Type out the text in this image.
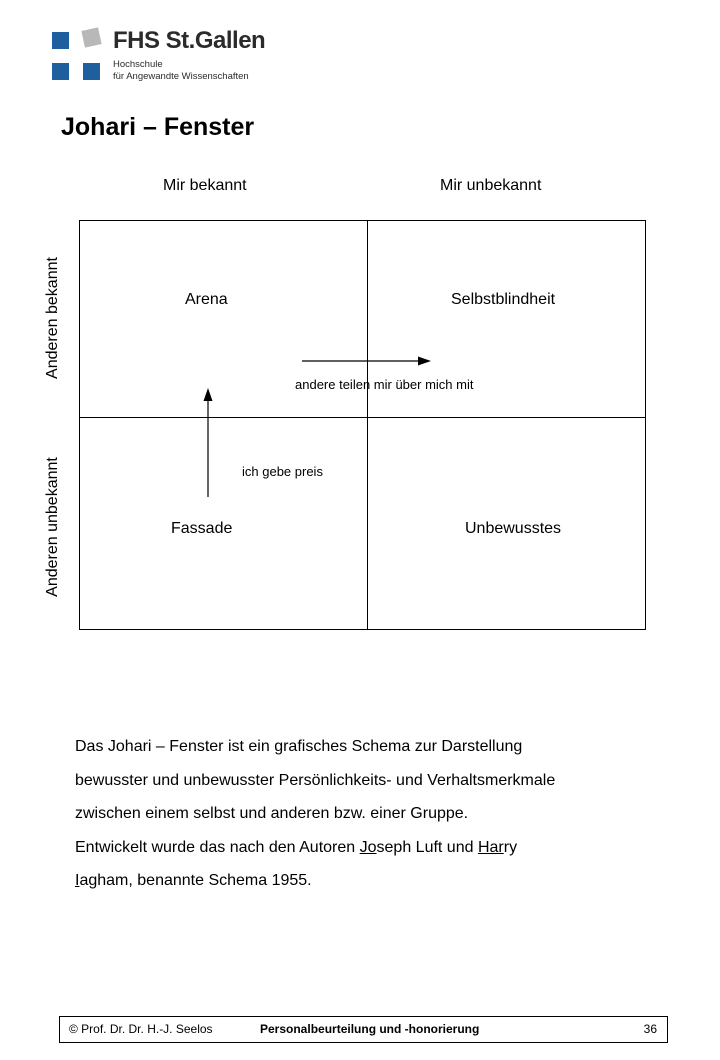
FHS St.Gallen
Hochschule
für Angewandte Wissenschaften
Johari – Fenster
Mir bekannt	Mir unbekannt
Anderen bekannt
Anderen unbekannt
Arena	Selbstblindheit
Fassade	Unbewusstes
andere teilen mir über mich mit
ich gebe preis

Das Johari – Fenster ist ein grafisches Schema zur Darstellung

bewusster und unbewusster Persönlichkeits- und Verhaltsmerkmale

zwischen einem selbst und anderen bzw. einer Gruppe.

Entwickelt wurde das nach den Autoren Joseph Luft und Harry

Iagham, benannte Schema 1955.

© Prof. Dr. Dr. H.-J. Seelos	Personalbeurteilung und -honorierung	36
